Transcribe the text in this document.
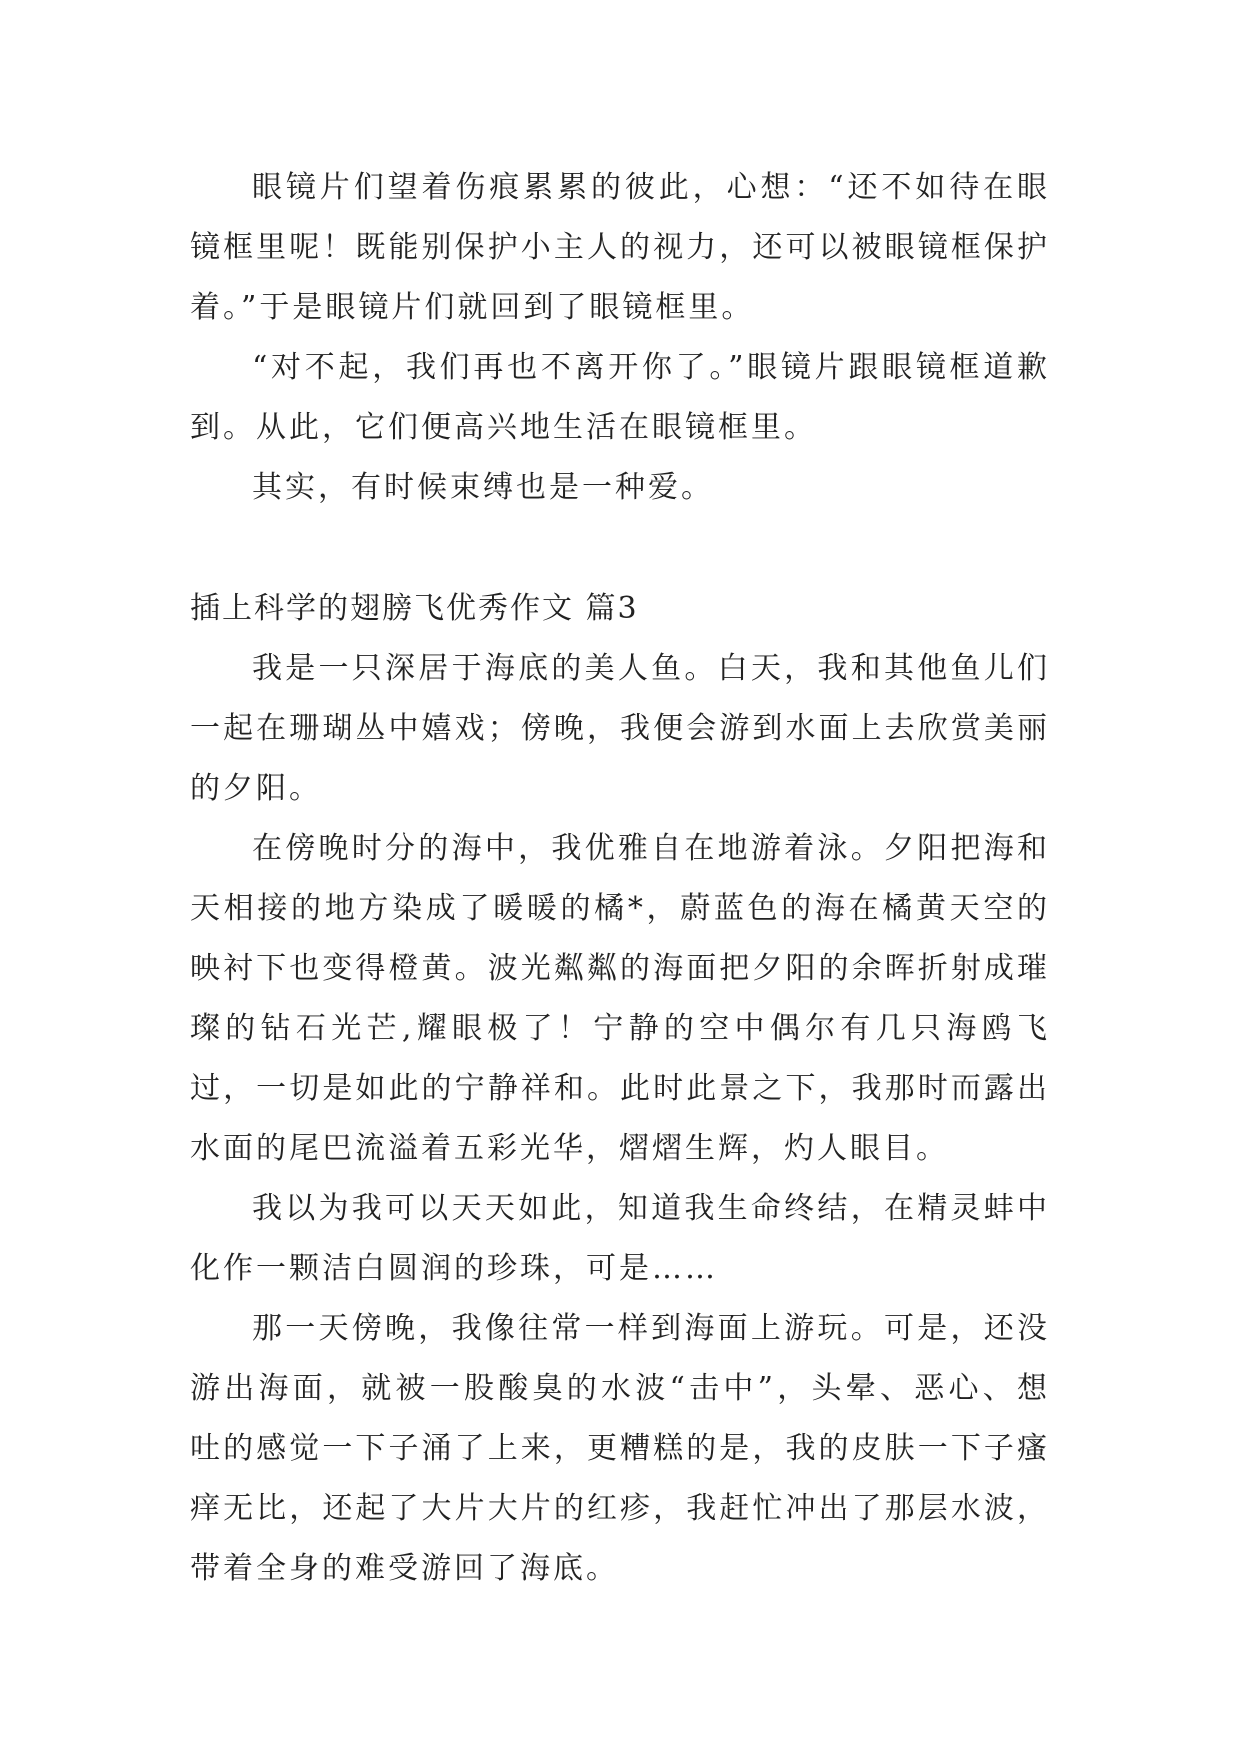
眼镜片们望着伤痕累累的彼此，心想：“还不如待在眼镜框里呢！既能别保护小主人的视力，还可以被眼镜框保护着。”于是眼镜片们就回到了眼镜框里。

“对不起，我们再也不离开你了。”眼镜片跟眼镜框道歉到。从此，它们便高兴地生活在眼镜框里。

其实，有时候束缚也是一种爱。

插上科学的翅膀飞优秀作文 篇3

我是一只深居于海底的美人鱼。白天，我和其他鱼儿们一起在珊瑚丛中嬉戏；傍晚，我便会游到水面上去欣赏美丽的夕阳。

在傍晚时分的海中，我优雅自在地游着泳。夕阳把海和天相接的地方染成了暖暖的橘*，蔚蓝色的海在橘黄天空的映衬下也变得橙黄。波光粼粼的海面把夕阳的余晖折射成璀璨的钻石光芒,耀眼极了！宁静的空中偶尔有几只海鸥飞过，一切是如此的宁静祥和。此时此景之下，我那时而露出水面的尾巴流溢着五彩光华，熠熠生辉，灼人眼目。

我以为我可以天天如此，知道我生命终结，在精灵蚌中化作一颗洁白圆润的珍珠，可是……

那一天傍晚，我像往常一样到海面上游玩。可是，还没游出海面，就被一股酸臭的水波“击中”，头晕、恶心、想吐的感觉一下子涌了上来，更糟糕的是，我的皮肤一下子瘙痒无比，还起了大片大片的红疹，我赶忙冲出了那层水波，带着全身的难受游回了海底。
